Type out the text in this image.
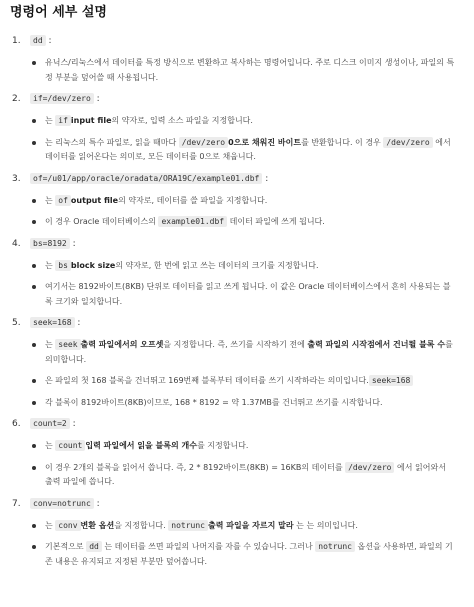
명령어 세부 설명
1. dd :
유닉스/리눅스에서 데이터를 특정 방식으로 변환하고 복사하는 명령어입니다. 주로 디스크 이미지 생성이나, 파일의 특정 부분을 덮어쓸 때 사용됩니다.
2. if=/dev/zero :
는 if input file의 약자로, 입력 소스 파일을 지정합니다.
는 리눅스의 특수 파일로, 읽을 때마다 /dev/zero 0으로 채워진 바이트를 반환합니다. 이 경우 /dev/zero 에서 데이터를 읽어온다는 의미로, 모든 데이터를 0으로 채웁니다.
3. of=/u01/app/oracle/oradata/ORA19C/example01.dbf :
는 of output file의 약자로, 데이터를 쓸 파일을 지정합니다.
이 경우 Oracle 데이터베이스의 example01.dbf 데이터 파일에 쓰게 됩니다.
4. bs=8192 :
는 bs block size의 약자로, 한 번에 읽고 쓰는 데이터의 크기를 지정합니다.
여기서는 8192바이트(8KB) 단위로 데이터를 읽고 쓰게 됩니다. 이 값은 Oracle 데이터베이스에서 흔히 사용되는 블록 크기와 일치합니다.
5. seek=168 :
는 seek 출력 파일에서의 오프셋을 지정합니다. 즉, 쓰기를 시작하기 전에 출력 파일의 시작점에서 건너뛸 블록 수를 의미합니다.
은 파일의 첫 168 블록을 건너뛰고 169번째 블록부터 데이터를 쓰기 시작하라는 의미입니다. seek=168
각 블록이 8192바이트(8KB)이므로, 168 * 8192 = 약 1.37MB를 건너뛰고 쓰기를 시작합니다.
6. count=2 :
는 count 입력 파일에서 읽을 블록의 개수를 지정합니다.
이 경우 2개의 블록을 읽어서 씁니다. 즉, 2 * 8192바이트(8KB) = 16KB의 데이터를 /dev/zero 에서 읽어와서 출력 파일에 씁니다.
7. conv=notrunc :
는 conv 변환 옵션을 지정합니다. notrunc 출력 파일을 자르지 말라 는 는 의미입니다.
기본적으로 dd 는 데이터를 쓰면 파일의 나머지를 자를 수 있습니다. 그러나 notrunc 옵션을 사용하면, 파일의 기존 내용은 유지되고 지정된 부분만 덮어씁니다.
